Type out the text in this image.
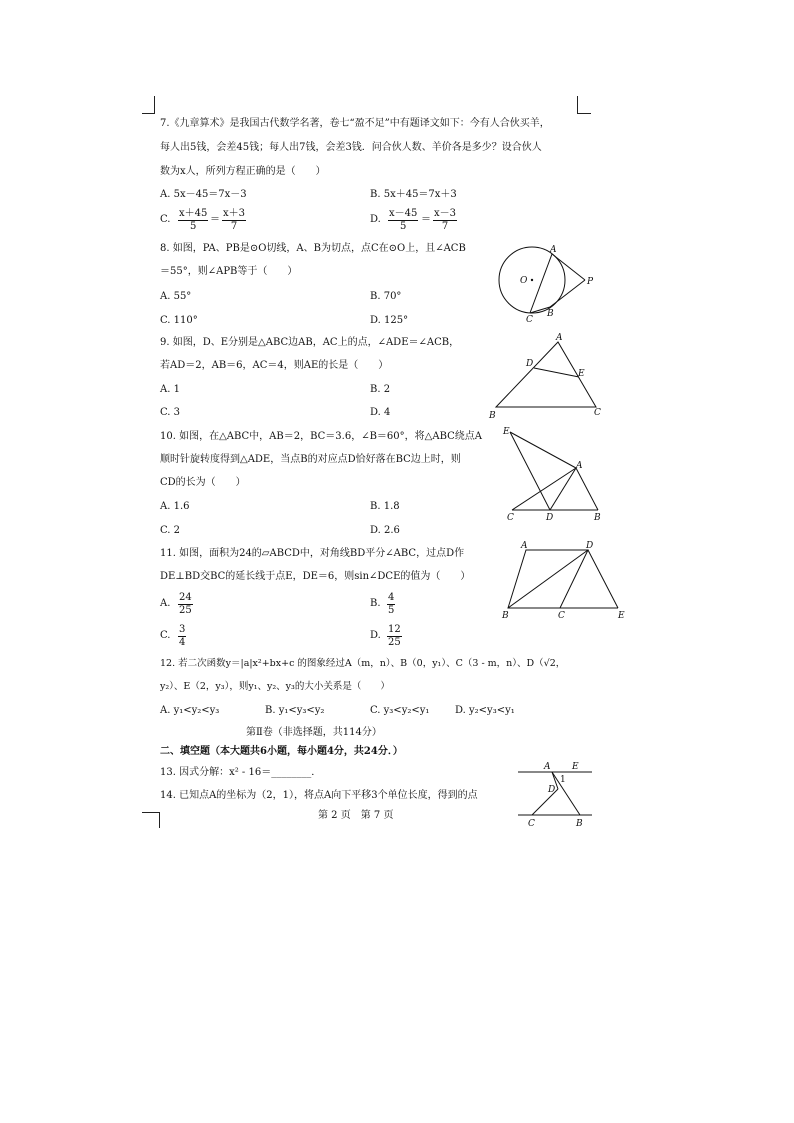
7.《九章算术》是我国古代数学名著，卷七“盈不足”中有题译文如下：今有人合伙买羊，
每人出5钱，会差45钱；每人出7钱，会差3钱．问合伙人数、羊价各是多少？设合伙人
数为x人，所列方程正确的是（　　）
A. 5x－45＝7x－3	B. 5x＋45＝7x＋3
C. $\frac{x+45}{5} = \frac{x+3}{7}$	D. $\frac{x-45}{5} = \frac{x-3}{7}$
8. 如图，PA、PB是⊙O切线，A、B为切点，点C在⊙O上，且∠ACB
＝55°，则∠APB等于（　　）
A. 55°	B. 70°
C. 110°	D. 125°
A
O	P
C
B
9. 如图，D、E分别是△ABC边AB，AC上的点，∠ADE＝∠ACB，
若AD＝2，AB＝6，AC＝4，则AE的长是（　　）
A. 1	B. 2
C. 3	D. 4
A
D
E
B	C
10. 如图，在△ABC中，AB＝2，BC＝3.6，∠B＝60°，将△ABC绕点A
顺时针旋转度得到△ADE，当点B的对应点D恰好落在BC边上时，则
CD的长为（　　）
A. 1.6	B. 1.8
C. 2	D. 2.6
E
A
C	D	B
11. 如图，面积为24的▱ABCD中，对角线BD平分∠ABC，过点D作
DE⊥BD交BC的延长线于点E，DE＝6，则sin∠DCE的值为（　　）
A. $\frac{24}{25}$	B. $\frac{4}{5}$
C. $\frac{3}{4}$	D. $\frac{12}{25}$
A	D
B	C	E
12. 若二次函数y＝|a|x²+bx+c 的图象经过A（m，n）、B（0，y₁）、C（3 - m，n）、D（√2，
y₂）、E（2，y₃），则y₁、y₂、y₃的大小关系是（　　）
A. y₁<y₂<y₃	B. y₁<y₃<y₂	C. y₃<y₂<y₁	D. y₂<y₃<y₁
第Ⅱ卷（非选择题，共114分）
二、填空题（本大题共6小题，每小题4分，共24分．）
13. 因式分解：x² - 16＝________．
14. 已知点A的坐标为（2，1），将点A向下平移3个单位长度，得到的点
A E
1
D
C	B
第 2 页　第 7 页
